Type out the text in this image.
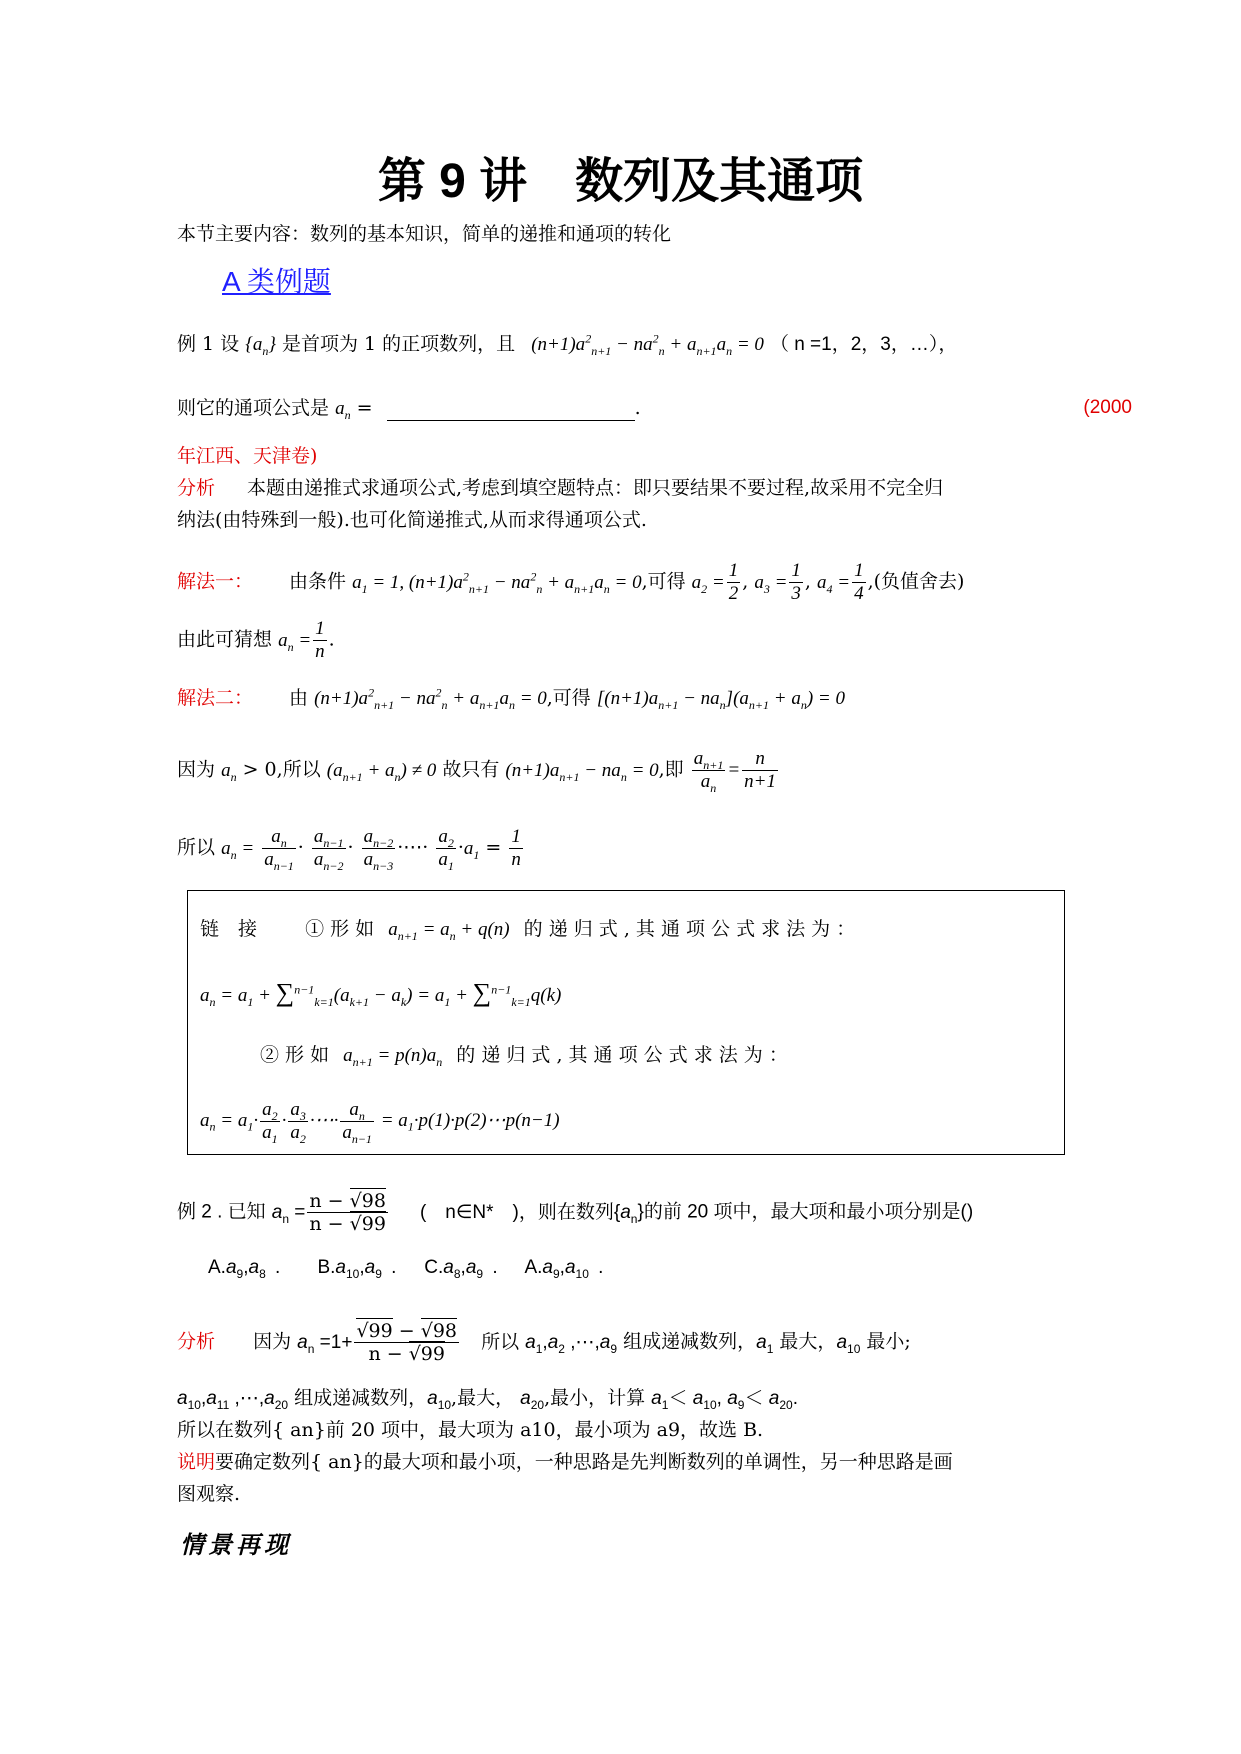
第 9 讲　数列及其通项
本节主要内容：数列的基本知识，简单的递推和通项的转化
A 类例题
例 1 设 $\{a_n\}$ 是首项为 1 的正项数列，且 $(n+1)a^2_{n+1} - na^2_n + a_{n+1}a_n = 0$ （ n =1，2，3，…），
则它的通项公式是 $a_n$ =	.	(2000
年江西、天津卷)
分析 本题由递推式求通项公式,考虑到填空题特点：即只要结果不要过程,故采用不完全归
纳法(由特殊到一般).也可化简递推式,从而求得通项公式.
解法一： 由条件 $a_1 = 1$, $(n+1)a^2_{n+1} - na^2_n + a_{n+1}a_n = 0$,可得 $a_2 = \frac{1}{2}$ , $a_3 = \frac{1}{3}$ , $a_4 = \frac{1}{4}$ ,(负值舍去)
由此可猜想 $a_n = \frac{1}{n}$ .
解法二： 由 $(n+1)a^2_{n+1} - na^2_n + a_{n+1}a_n = 0$,可得 $[(n+1)a_{n+1} - na_n](a_{n+1} + a_n) = 0$
因为 $a_n > 0$,所以 $(a_{n+1} + a_n) \ne 0$ 故只有 $(n+1)a_{n+1} - na_n = 0$,即 $\frac{a_{n+1}}{a_n} = \frac{n}{n+1}$
所以 $a_n = \frac{a_n}{a_{n-1}} \cdot \frac{a_{n-1}}{a_{n-2}} \cdot \frac{a_{n-2}}{a_{n-3}}$ ·⋯· $\frac{a_2}{a_1} \cdot a_1 = \frac{1}{n}$
链　接	① 形 如 $a_{n+1} = a_n + q(n)$ 的 递 归 式 , 其 通 项 公 式 求 法 为 ：
$a_n = a_1 + \sum^{n-1}_{k=1}(a_{k+1} - a_k) = a_1 + \sum^{n-1}_{k=1}q(k)$
② 形 如 $a_{n+1} = p(n)a_n$ 的 递 归 式 , 其 通 项 公 式 求 法 为 ：
$a_n = a_1\cdot \frac{a_2}{a_1} \cdot \frac{a_3}{a_2}$ ·⋯· $\frac{a_n}{a_{n-1}}$ = $a_1\cdot p(1)\cdot p(2)\cdots p(n-1)$
例 2 . 已知 $a_n = \frac{n - √98}{n - √99}$ (　n∈N*　)，则在数列$\{a_n\}$的前 20 项中，最大项和最小项分别是()
$A.a_9,a_8$ .    $B.a_{10},a_9$ .   $C.a_8,a_9$ .   $A.a_9,a_{10}$ .
分析 因为 $a_n =1+ \frac{√99 - √98}{n - √99}$ 所以 $a_1,a_2$ $,\cdots,a_9$ 组成递减数列，$a_1$ 最大，$a_{10}$ 最小;
$a_{10},a_{11}$ $,\cdots,a_{20}$ 组成递减数列，$a_{10}$,最大， $a_{20}$,最小，计算 $a_1< a_{10}$, $a_9< a_{20}$.
所以在数列{ an}前 20 项中，最大项为 a10，最小项为 a9，故选 B.
说明要确定数列{ an}的最大项和最小项，一种思路是先判断数列的单调性，另一种思路是画
图观察.
情景再现
